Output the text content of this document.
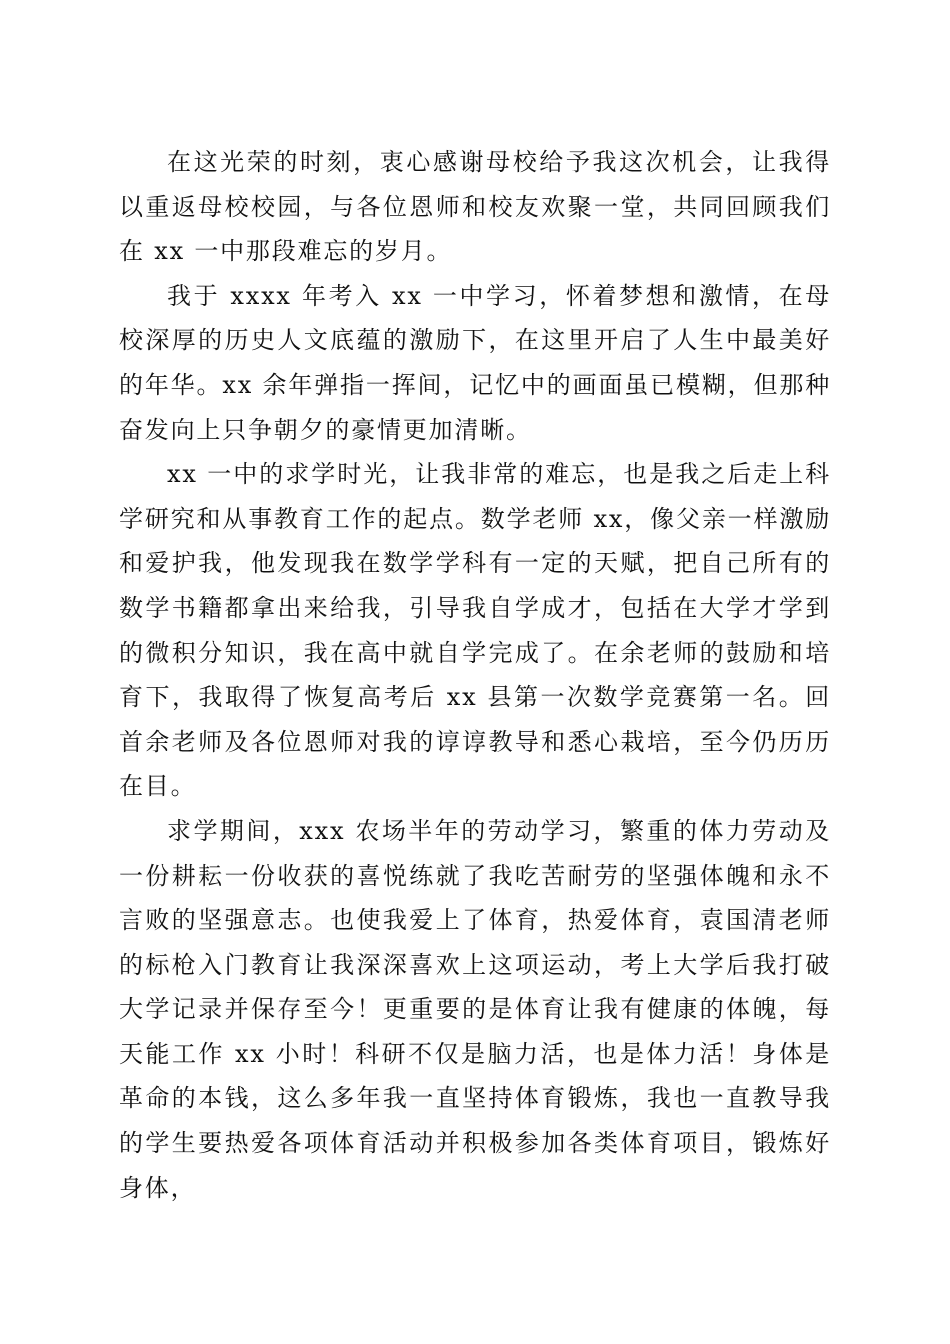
在这光荣的时刻，衷心感谢母校给予我这次机会，让我得以重返母校校园，与各位恩师和校友欢聚一堂，共同回顾我们在 xx 一中那段难忘的岁月。

我于 xxxx 年考入 xx 一中学习，怀着梦想和激情，在母校深厚的历史人文底蕴的激励下，在这里开启了人生中最美好的年华。xx 余年弹指一挥间，记忆中的画面虽已模糊，但那种奋发向上只争朝夕的豪情更加清晰。

xx 一中的求学时光，让我非常的难忘，也是我之后走上科学研究和从事教育工作的起点。数学老师 xx，像父亲一样激励和爱护我，他发现我在数学学科有一定的天赋，把自己所有的数学书籍都拿出来给我，引导我自学成才，包括在大学才学到的微积分知识，我在高中就自学完成了。在余老师的鼓励和培育下，我取得了恢复高考后 xx 县第一次数学竞赛第一名。回首余老师及各位恩师对我的谆谆教导和悉心栽培，至今仍历历在目。

求学期间，xxx 农场半年的劳动学习，繁重的体力劳动及一份耕耘一份收获的喜悦练就了我吃苦耐劳的坚强体魄和永不言败的坚强意志。也使我爱上了体育，热爱体育，袁国清老师的标枪入门教育让我深深喜欢上这项运动，考上大学后我打破大学记录并保存至今！更重要的是体育让我有健康的体魄，每天能工作 xx 小时！科研不仅是脑力活，也是体力活！身体是革命的本钱，这么多年我一直坚持体育锻炼，我也一直教导我的学生要热爱各项体育活动并积极参加各类体育项目，锻炼好身体，
